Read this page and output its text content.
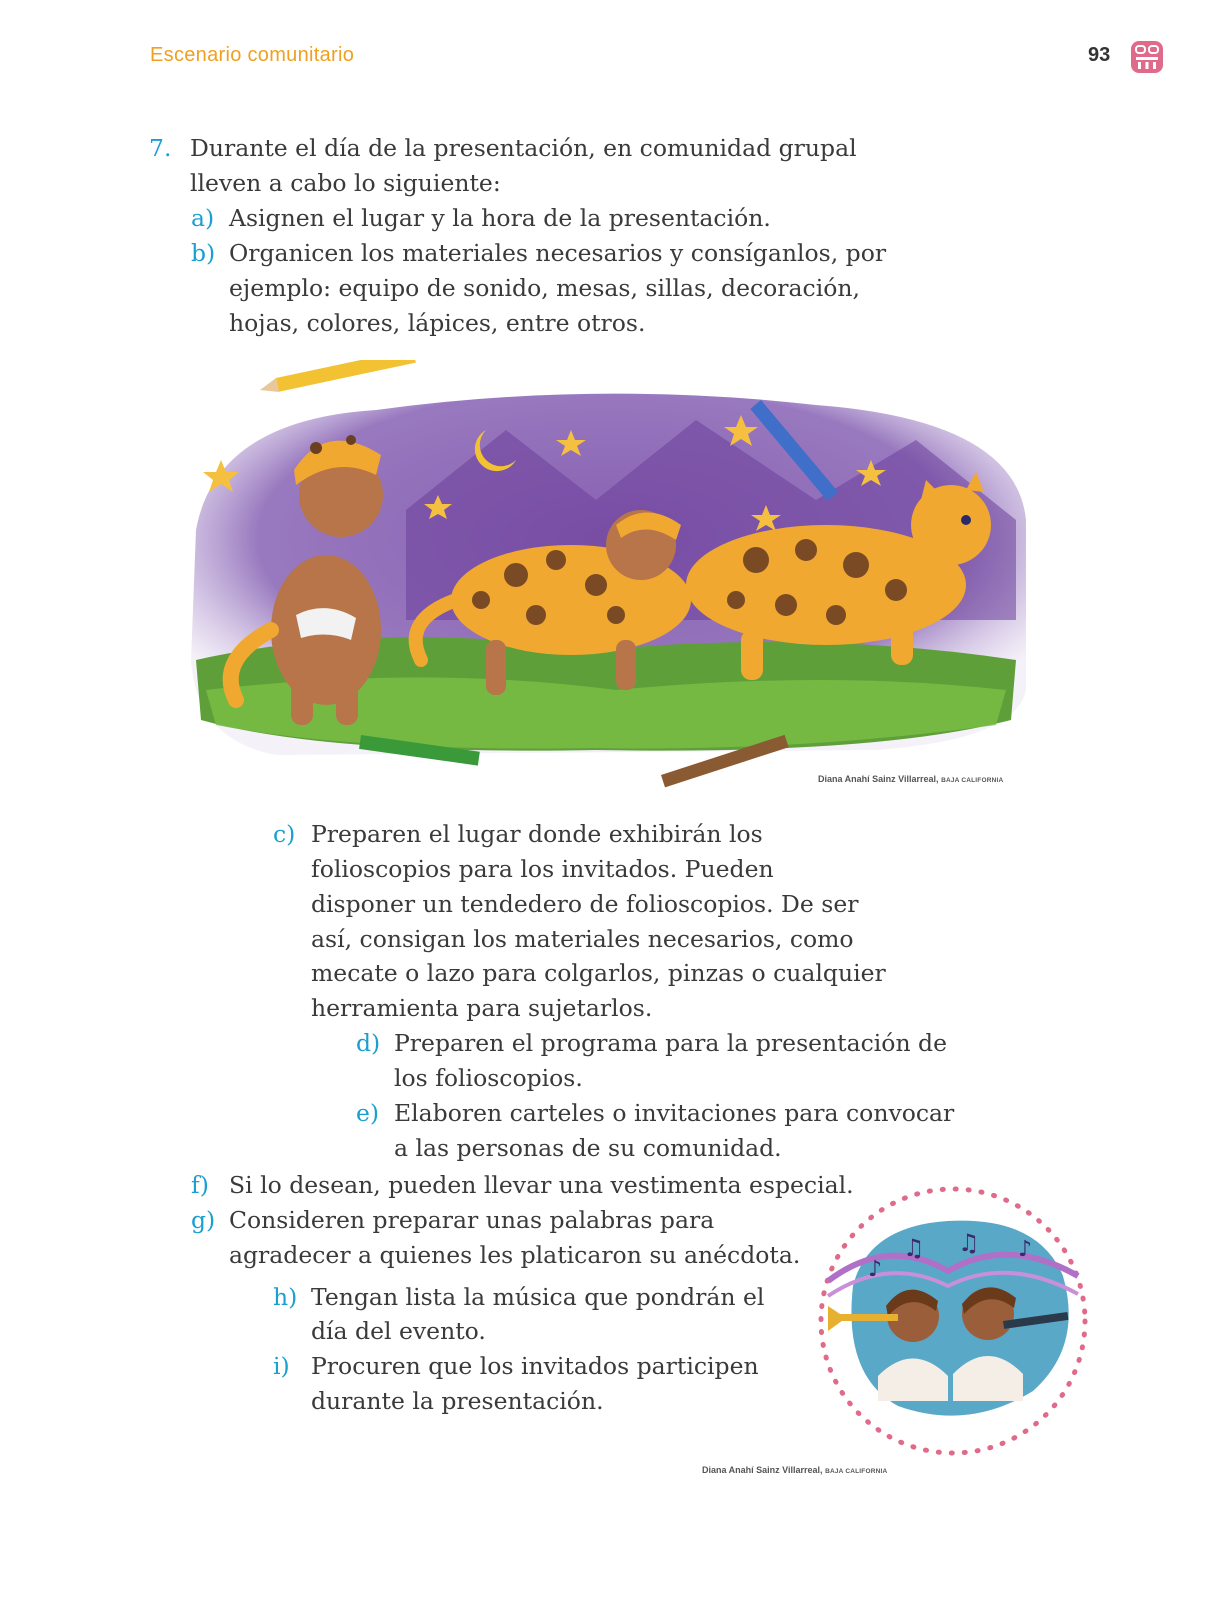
Escenario comunitario	93
7. Durante el día de la presentación, en comunidad grupal
lleven a cabo lo siguiente:
a) Asignen el lugar y la hora de la presentación.
b) Organicen los materiales necesarios y consíganlos, por
ejemplo: equipo de sonido, mesas, sillas, decoración,
hojas, colores, lápices, entre otros.
Diana Anahí Sainz Villarreal, BAJA CALIFORNIA
c) Preparen el lugar donde exhibirán los
folioscopios para los invitados. Pueden
disponer un tendedero de folioscopios. De ser
así, consigan los materiales necesarios, como
mecate o lazo para colgarlos, pinzas o cualquier
herramienta para sujetarlos.
d) Preparen el programa para la presentación de
los folioscopios.
e) Elaboren carteles o invitaciones para convocar
a las personas de su comunidad.
f) Si lo desean, pueden llevar una vestimenta especial.
g) Consideren preparar unas palabras para
agradecer a quienes les platicaron su anécdota.
h) Tengan lista la música que pondrán el
día del evento.
i) Procuren que los invitados participen
durante la presentación.
♪
♫ ♫ ♪
Diana Anahí Sainz Villarreal, BAJA CALIFORNIA
